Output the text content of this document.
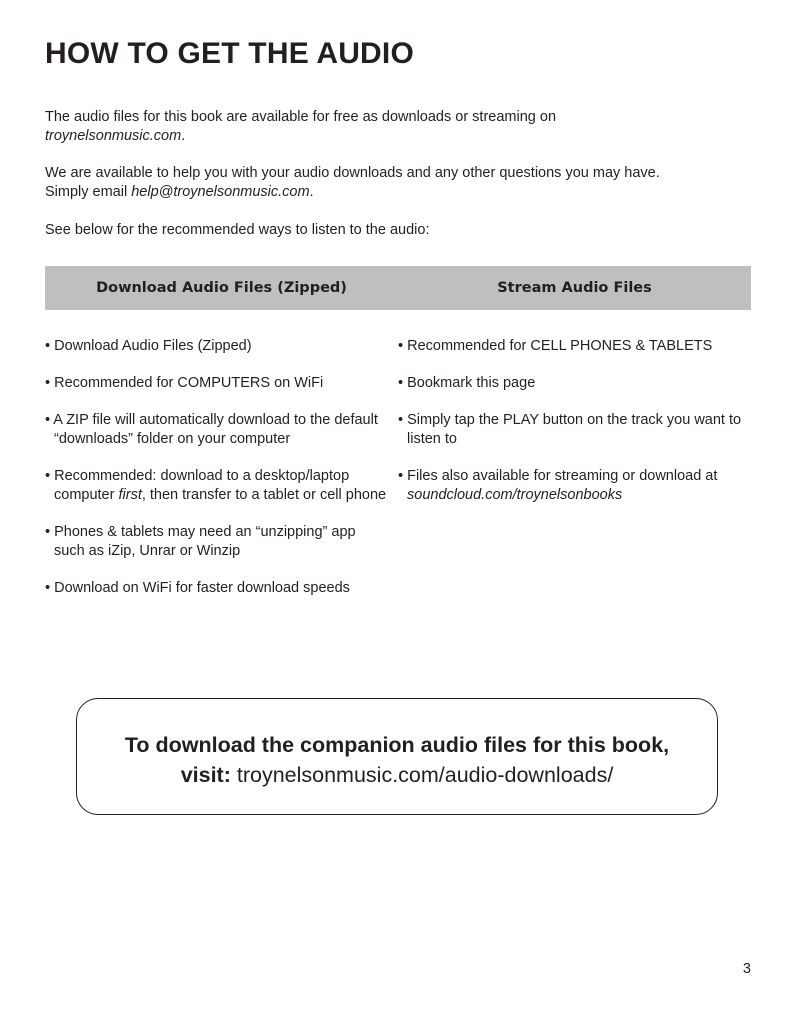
HOW TO GET THE AUDIO

The audio files for this book are available for free as downloads or streaming on
troynelsonmusic.com.

We are available to help you with your audio downloads and any other questions you may have.
Simply email help@troynelsonmusic.com.

See below for the recommended ways to listen to the audio:

Download Audio Files (Zipped)	Stream Audio Files
• Download Audio Files (Zipped)
• Recommended for COMPUTERS on WiFi
• A ZIP file will automatically download to the default “downloads” folder on your computer
• Recommended: download to a desktop/laptop computer first, then transfer to a tablet or cell phone
• Phones & tablets may need an “unzipping” app such as iZip, Unrar or Winzip
• Download on WiFi for faster download speeds
• Recommended for CELL PHONES & TABLETS
• Bookmark this page
• Simply tap the PLAY button on the track you want to listen to
• Files also available for streaming or download at soundcloud.com/troynelsonbooks
To download the companion audio files for this book,
visit: troynelsonmusic.com/audio-downloads/
3
